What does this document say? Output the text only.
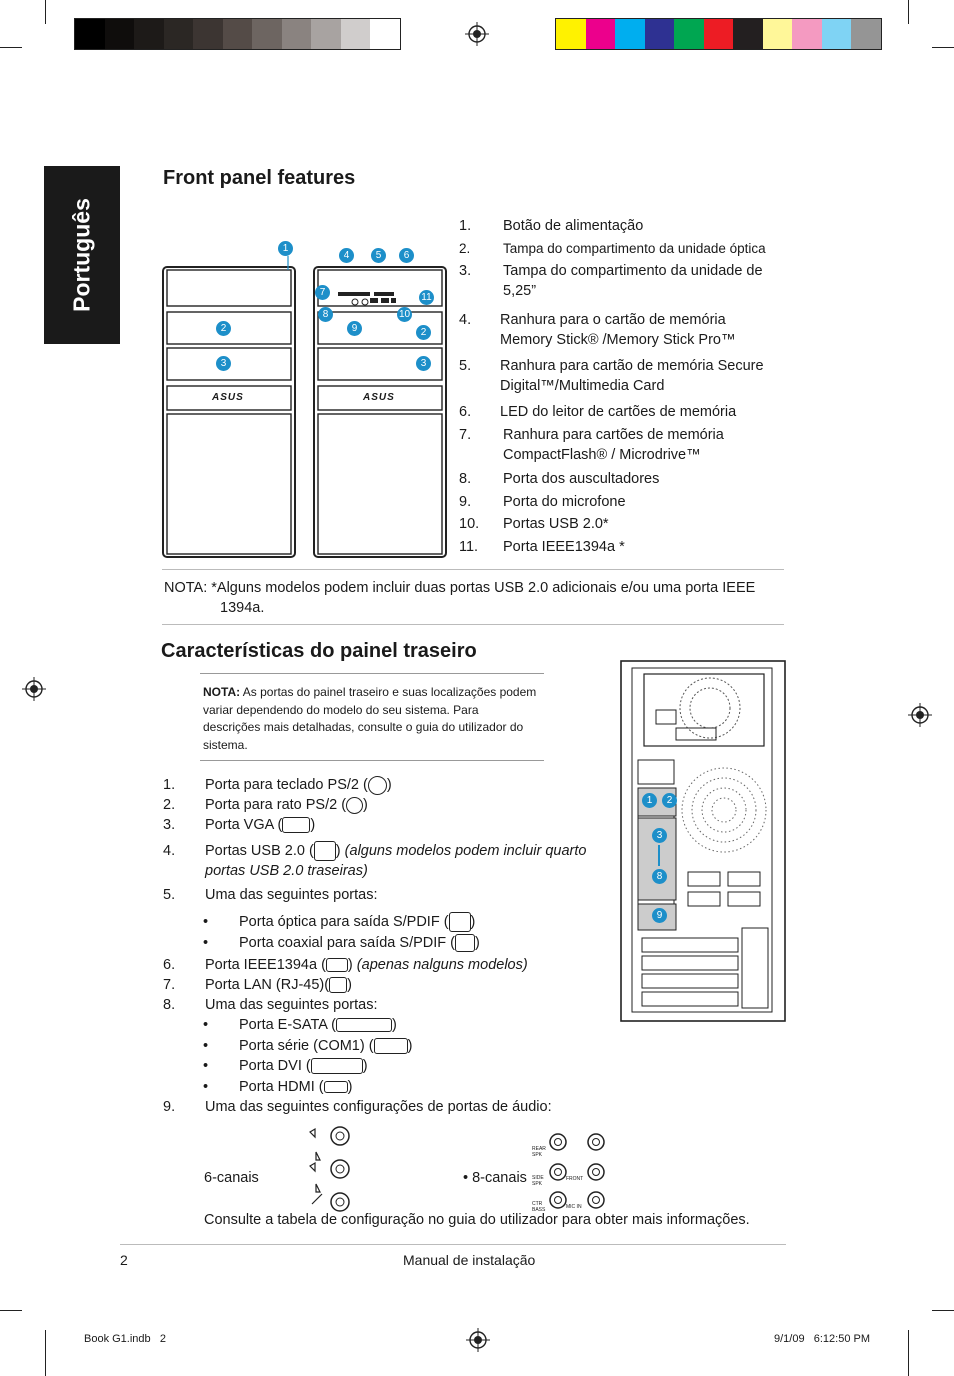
Português
Front panel features
ASUS	ASUS
1
2
3
4	5	6
7
8
9
10
11
2
3
1. Botão de alimentação
2. Tampa do compartimento da unidade óptica
3. Tampa do compartimento da unidade de 5,25”
4. Ranhura para o cartão de memória Memory Stick® /Memory Stick Pro™
5. Ranhura para cartão de memória Secure Digital™/Multimedia Card
6. LED do leitor de cartões de memória
7. Ranhura para cartões de memória CompactFlash® / Microdrive™
8. Porta dos auscultadores
9. Porta do microfone
10. Portas USB 2.0*
11. Porta IEEE1394a *
NOTA: *Alguns modelos podem incluir duas portas USB 2.0 adicionais e/ou uma porta IEEE 1394a.
Características do painel traseiro
NOTA: As portas do painel traseiro e suas localizações podem variar dependendo do modelo do seu sistema. Para descrições mais detalhadas, consulte o guia do utilizador do sistema.
1	2
3
8
9
1. Porta para teclado PS/2 ( )
2. Porta para rato PS/2 ( )
3. Porta VGA ( )
4. Portas USB 2.0 ( ) (alguns modelos podem incluir quarto portas USB 2.0 traseiras)
5. Uma das seguintes portas:
• Porta óptica para saída S/PDIF ( )
• Porta coaxial para saída S/PDIF ( )
6. Porta IEEE1394a ( ) (apenas nalguns modelos)
7. Porta LAN (RJ-45)( )
8. Uma das seguintes portas:
• Porta E-SATA (	)
• Porta série (COM1) ( )
• Porta DVI (	)
• Porta HDMI ( )
9. Uma das seguintes configurações de portas de áudio:
6-canais	• 8-canais
REAR
SPK
SIDE
SPK
FRONT
MIC IN
CTR
BASS
Consulte a tabela de configuração no guia do utilizador para obter mais informações.
2	Manual de instalação
Book G1.indb   2	9/1/09   6:12:50 PM
